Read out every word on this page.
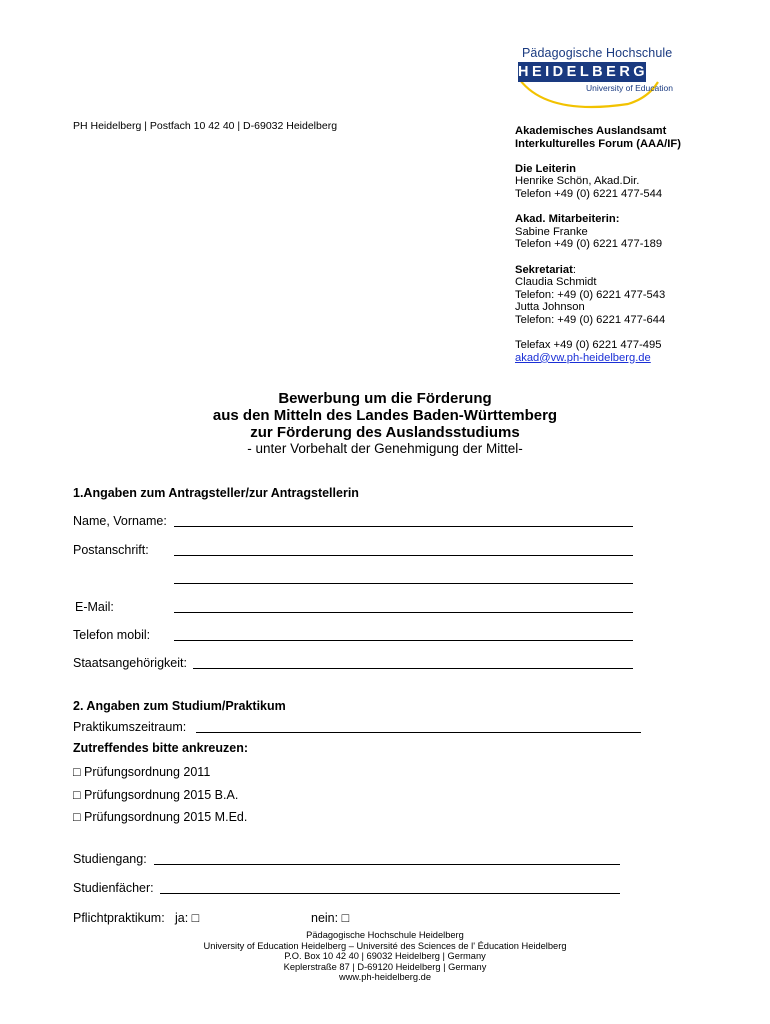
Pädagogische Hochschule
HEIDELBERG
University of Education
PH Heidelberg | Postfach 10 42 40 | D-69032 Heidelberg	Akademisches Auslandsamt
Interkulturelles Forum (AAA/IF)
Die Leiterin
Henrike Schön, Akad.Dir.
Telefon +49 (0) 6221 477-544
Akad. Mitarbeiterin:
Sabine Franke
Telefon +49 (0) 6221 477-189
Sekretariat:
Claudia Schmidt
Telefon: +49 (0) 6221 477-543
Jutta Johnson
Telefon: +49 (0) 6221 477-644
Telefax +49 (0) 6221 477-495
akad@vw.ph-heidelberg.de
Bewerbung um die Förderung
aus den Mitteln des Landes Baden-Württemberg
zur Förderung des Auslandsstudiums
- unter Vorbehalt der Genehmigung der Mittel-
1.Angaben zum Antragsteller/zur Antragstellerin
Name, Vorname:
Postanschrift:
E-Mail:
Telefon mobil:
Staatsangehörigkeit:
2. Angaben zum Studium/Praktikum
Praktikumszeitraum:
Zutreffendes bitte ankreuzen:
□ Prüfungsordnung 2011
□ Prüfungsordnung 2015 B.A.
□ Prüfungsordnung 2015 M.Ed.
Studiengang:
Studienfächer:
Pflichtpraktikum: ja: □	nein: □
Pädagogische Hochschule Heidelberg
University of Education Heidelberg – Université des Sciences de l' Éducation Heidelberg
P.O. Box 10 42 40 | 69032 Heidelberg | Germany
Keplerstraße 87 | D-69120 Heidelberg | Germany
www.ph-heidelberg.de
